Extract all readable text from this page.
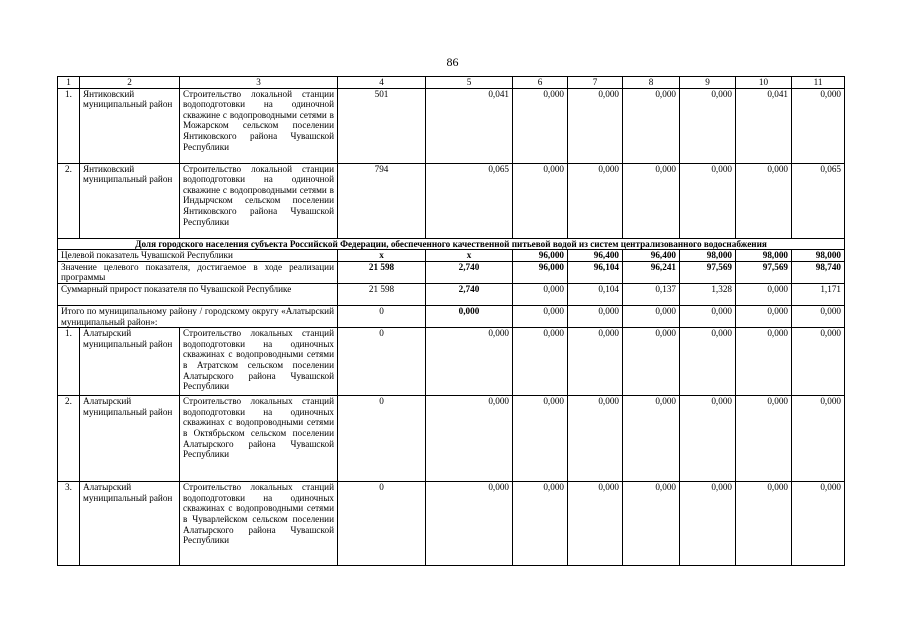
86
1	2	3	4	5	6	7	8	9	10	11
1.	Янтиковский муниципальный район	Строительство локальной станции водоподготовки на одиночной скважине с водопроводными сетями в Можарском сельском поселении Янтиковского района Чувашской Республики	501	0,041	0,000	0,000	0,000	0,000	0,041	0,000
2.	Янтиковский муниципальный район	Строительство локальной станции водоподготовки на одиночной скважине с водопроводными сетями в Индырчском сельском поселении Янтиковского района Чувашской Республики	794	0,065	0,000	0,000	0,000	0,000	0,000	0,065
Доля городского населения субъекта Российской Федерации, обеспеченного качественной питьевой водой из систем централизованного водоснабжения										
Целевой показатель Чувашской Республики			x	x	96,000	96,400	96,400	98,000	98,000	98,000
Значение целевого показателя, достигаемое в ходе реализации программы			21 598	2,740	96,000	96,104	96,241	97,569	97,569	98,740
Суммарный прирост показателя по Чувашской Республике			21 598	2,740	0,000	0,104	0,137	1,328	0,000	1,171
Итого по муниципальному району / городскому округу «Алатырский муниципальный район»:			0	0,000	0,000	0,000	0,000	0,000	0,000	0,000
1.	Алатырский муниципальный район	Строительство локальных станций водоподготовки на одиночных скважинах с водопроводными сетями в Атратском сельском поселении Алатырского района Чувашской Республики	0	0,000	0,000	0,000	0,000	0,000	0,000	0,000
2.	Алатырский муниципальный район	Строительство локальных станций водоподготовки на одиночных скважинах с водопроводными сетями в Октябрьском сельском поселении Алатырского района Чувашской Республики	0	0,000	0,000	0,000	0,000	0,000	0,000	0,000
3.	Алатырский муниципальный район	Строительство локальных станций водоподготовки на одиночных скважинах с водопроводными сетями в Чуварлейском сельском поселении Алатырского района Чувашской Республики	0	0,000	0,000	0,000	0,000	0,000	0,000	0,000
